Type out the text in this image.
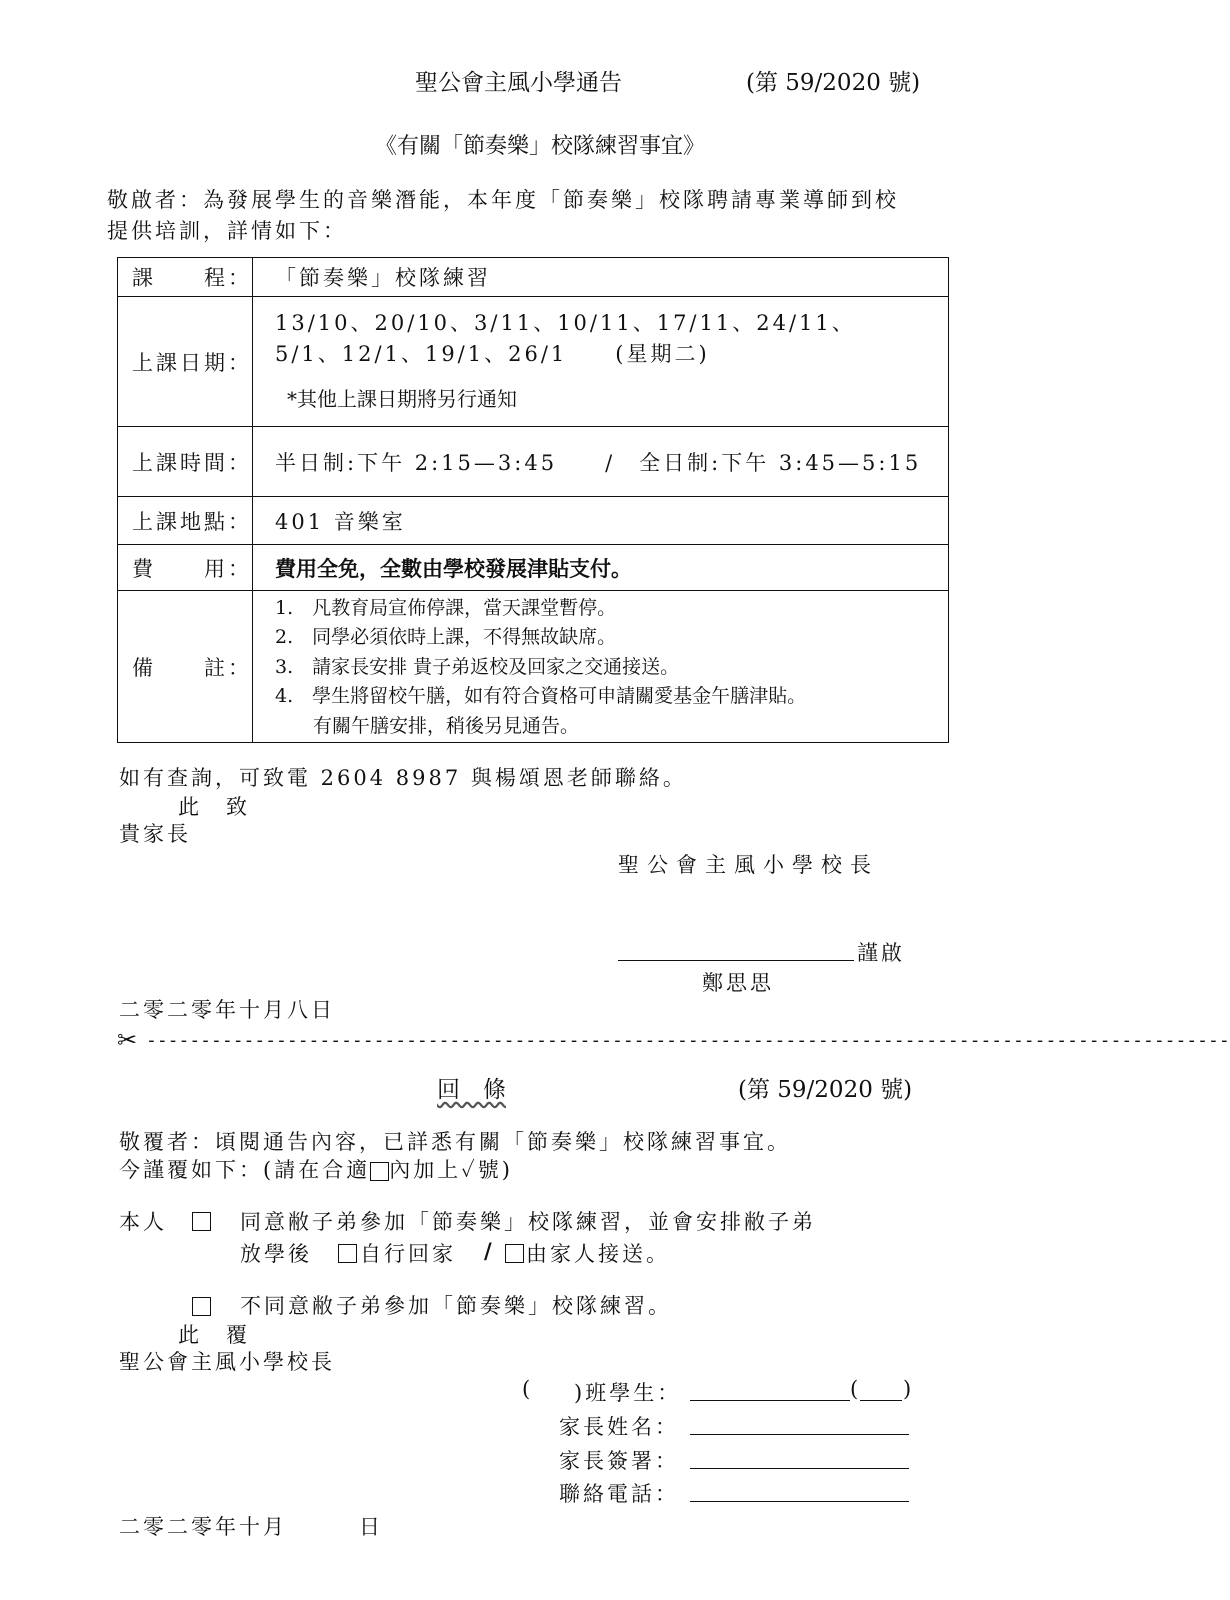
聖公會主風小學通告	(第 59/2020 號)
《有關「節奏樂」校隊練習事宜》
敬啟者：為發展學生的音樂潛能，本年度「節奏樂」校隊聘請專業導師到校
提供培訓，詳情如下：
課　　程：	「節奏樂」校隊練習
上課日期：	13/10、20/10、3/11、10/11、17/11、24/11、
5/1、12/1、19/1、26/1　　(星期二)
*其他上課日期將另行通知

上課時間：	半日制:下午 2:15—3:45　　/　全日制:下午 3:45—5:15
上課地點：	401 音樂室
費　　用：	費用全免，全數由學校發展津貼支付。
備　　註：	1.　凡教育局宣佈停課，當天課堂暫停。
2.　同學必須依時上課，不得無故缺席。
3.　請家長安排 貴子弟返校及回家之交通接送。
4.　學生將留校午膳，如有符合資格可申請關愛基金午膳津貼。
　　有關午膳安排，稍後另見通告。
如有查詢，可致電 2604 8987 與楊頌恩老師聯絡。
此　致
貴家長
聖公會主風小學校長
謹啟
鄭思思
二零二零年十月八日
✂ ----------------------------------------------------------------------------------------------------
回　條	(第 59/2020 號)
敬覆者：頃閱通告內容，已詳悉有關「節奏樂」校隊練習事宜。
今謹覆如下：(請在合適 內加上✓號)
本人	同意敝子弟參加「節奏樂」校隊練習，並會安排敝子弟
放學後 自行回家 / 由家人接送。
不同意敝子弟參加「節奏樂」校隊練習。
此　覆
聖公會主風小學校長
( )班學生：	( )
家長姓名：
家長簽署：
聯絡電話：
二零二零年十月　　　日
